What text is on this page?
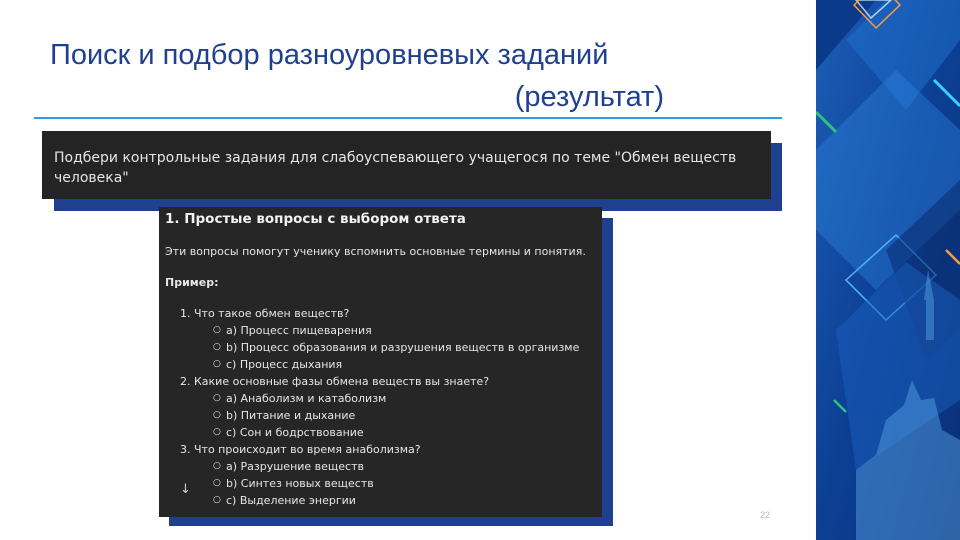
Поиск и подбор разноуровневых заданий
(результат)
Подбери контрольные задания для слабоуспевающего учащегося по теме "Обмен веществ человека"
1. Простые вопросы с выбором ответа
Эти вопросы помогут ученику вспомнить основные термины и понятия.
Пример:
1. Что такое обмен веществ?
○ a) Процесс пищеварения
○ b) Процесс образования и разрушения веществ в организме
○ c) Процесс дыхания
2. Какие основные фазы обмена веществ вы знаете?
○ a) Анаболизм и катаболизм
○ b) Питание и дыхание
○ c) Сон и бодрствование
3. Что происходит во время анаболизма?
○ a) Разрушение веществ
○ b) Синтез новых веществ
○ c) Выделение энергии
↓
22
